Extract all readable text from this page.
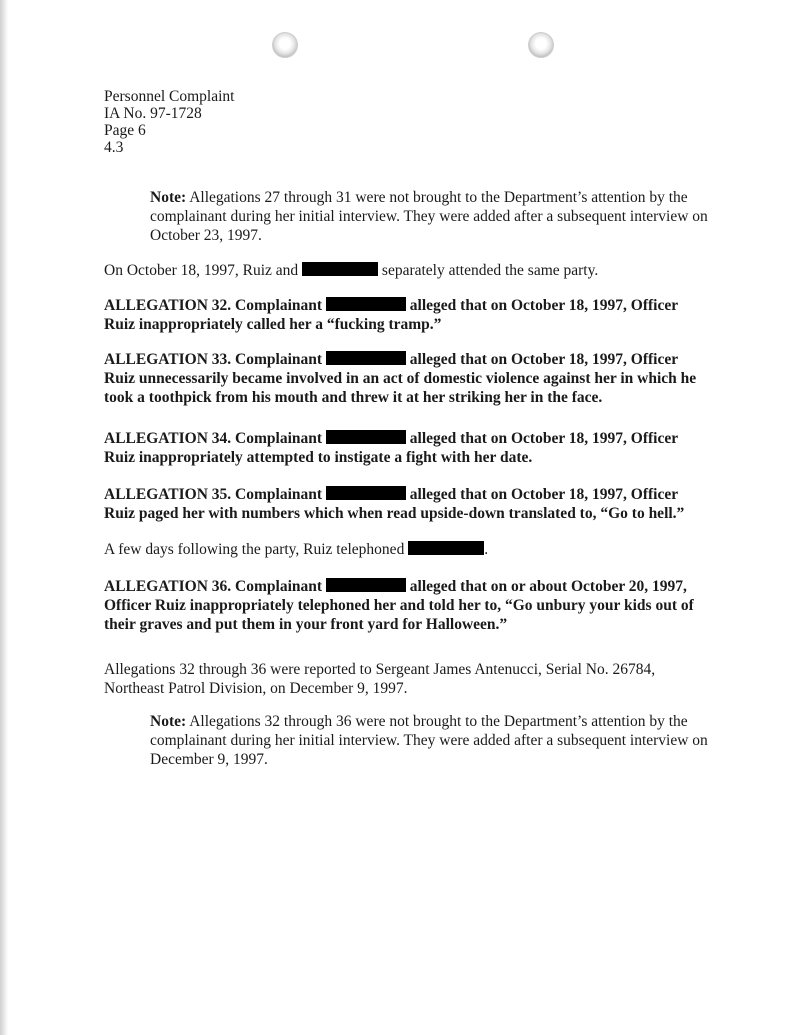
Personnel Complaint
IA No. 97-1728
Page 6
4.3
Note: Allegations 27 through 31 were not brought to the Department’s attention by the complainant during her initial interview. They were added after a subsequent interview on October 23, 1997.
On October 18, 1997, Ruiz and	separately attended the same party.
ALLEGATION 32. Complainant	alleged that on October 18, 1997, Officer Ruiz inappropriately called her a “fucking tramp.”
ALLEGATION 33. Complainant	alleged that on October 18, 1997, Officer Ruiz unnecessarily became involved in an act of domestic violence against her in which he took a toothpick from his mouth and threw it at her striking her in the face.
ALLEGATION 34. Complainant	alleged that on October 18, 1997, Officer Ruiz inappropriately attempted to instigate a fight with her date.
ALLEGATION 35. Complainant	alleged that on October 18, 1997, Officer Ruiz paged her with numbers which when read upside-down translated to, “Go to hell.”
A few days following the party, Ruiz telephoned	.
ALLEGATION 36. Complainant	alleged that on or about October 20, 1997, Officer Ruiz inappropriately telephoned her and told her to, “Go unbury your kids out of their graves and put them in your front yard for Halloween.”
Allegations 32 through 36 were reported to Sergeant James Antenucci, Serial No. 26784, Northeast Patrol Division, on December 9, 1997.
Note: Allegations 32 through 36 were not brought to the Department’s attention by the complainant during her initial interview. They were added after a subsequent interview on December 9, 1997.
